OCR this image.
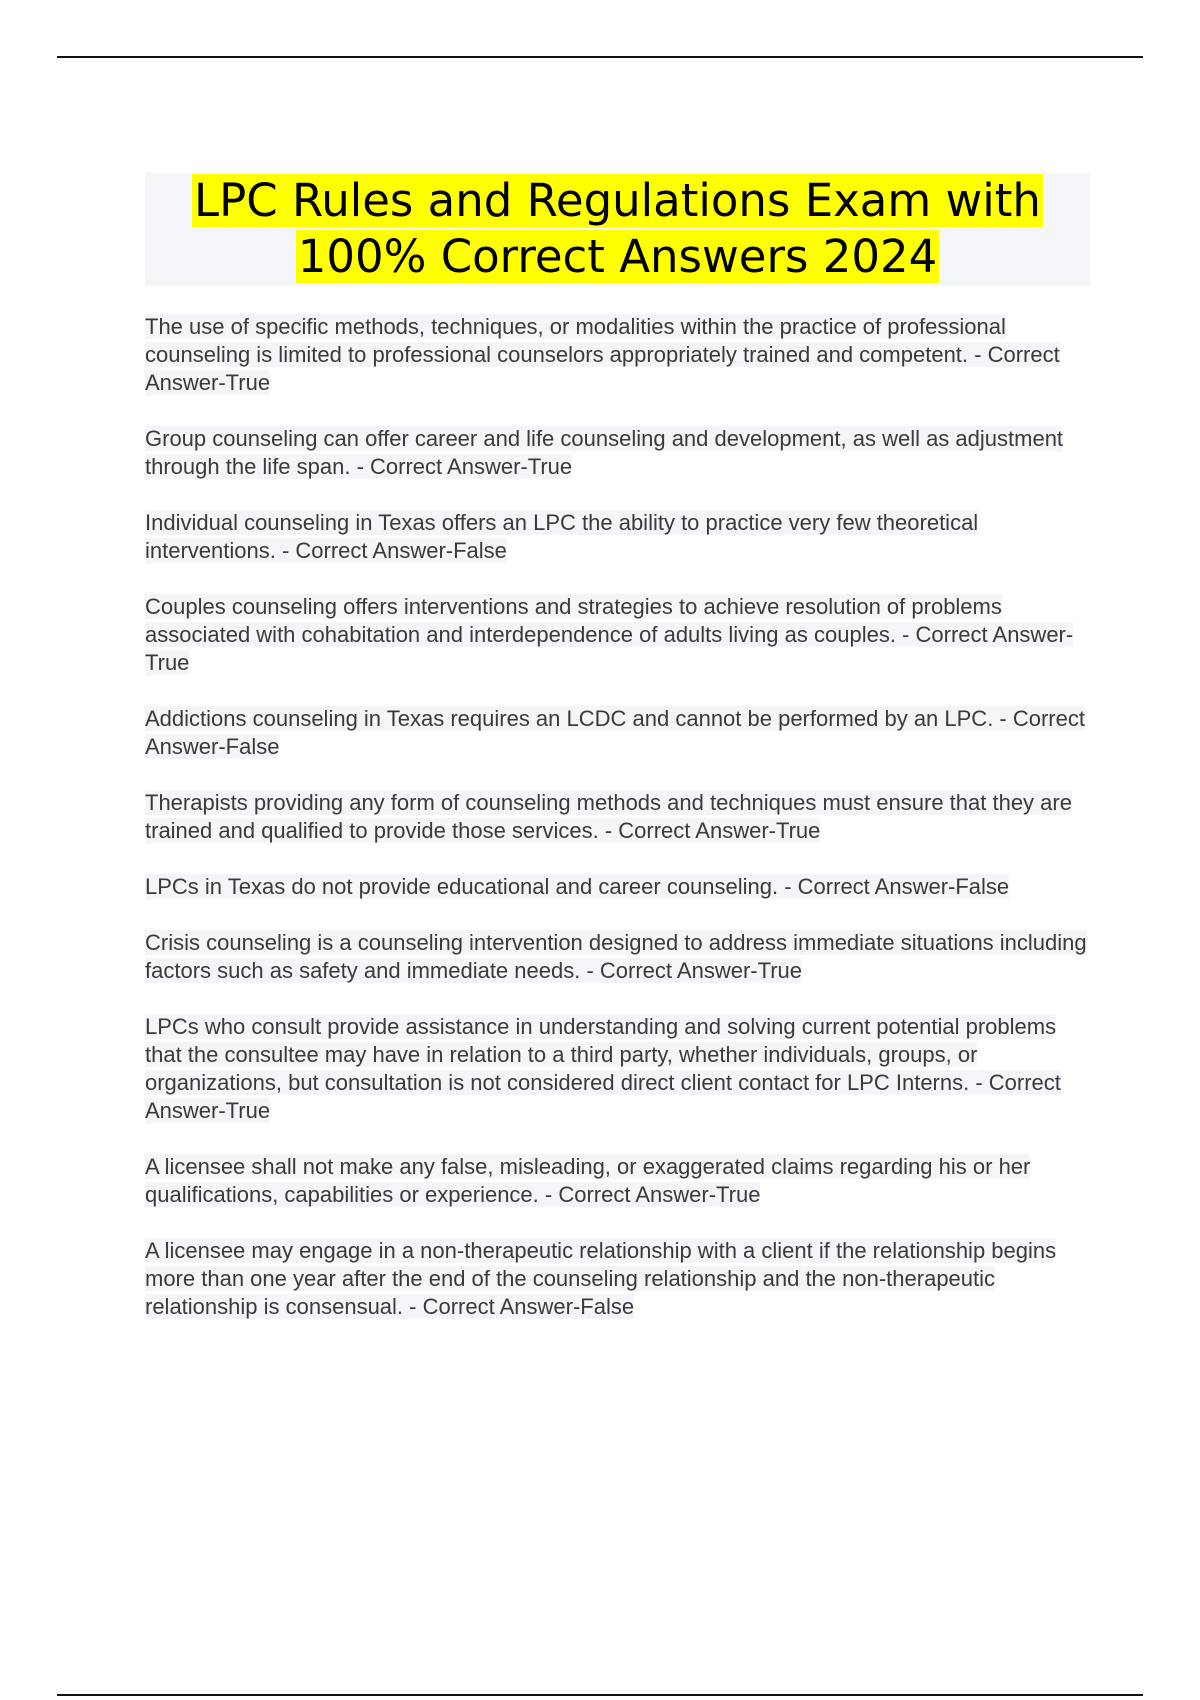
LPC Rules and Regulations Exam with
100% Correct Answers 2024

The use of specific methods, techniques, or modalities within the practice of professional counseling is limited to professional counselors appropriately trained and competent. - Correct Answer-True

Group counseling can offer career and life counseling and development, as well as adjustment through the life span. - Correct Answer-True

Individual counseling in Texas offers an LPC the ability to practice very few theoretical interventions. - Correct Answer-False

Couples counseling offers interventions and strategies to achieve resolution of problems associated with cohabitation and interdependence of adults living as couples. - Correct Answer-True

Addictions counseling in Texas requires an LCDC and cannot be performed by an LPC. - Correct Answer-False

Therapists providing any form of counseling methods and techniques must ensure that they are trained and qualified to provide those services. - Correct Answer-True

LPCs in Texas do not provide educational and career counseling. - Correct Answer-False

Crisis counseling is a counseling intervention designed to address immediate situations including factors such as safety and immediate needs. - Correct Answer-True

LPCs who consult provide assistance in understanding and solving current potential problems that the consultee may have in relation to a third party, whether individuals, groups, or organizations, but consultation is not considered direct client contact for LPC Interns. - Correct Answer-True

A licensee shall not make any false, misleading, or exaggerated claims regarding his or her qualifications, capabilities or experience. - Correct Answer-True

A licensee may engage in a non-therapeutic relationship with a client if the relationship begins more than one year after the end of the counseling relationship and the non-therapeutic relationship is consensual. - Correct Answer-False
